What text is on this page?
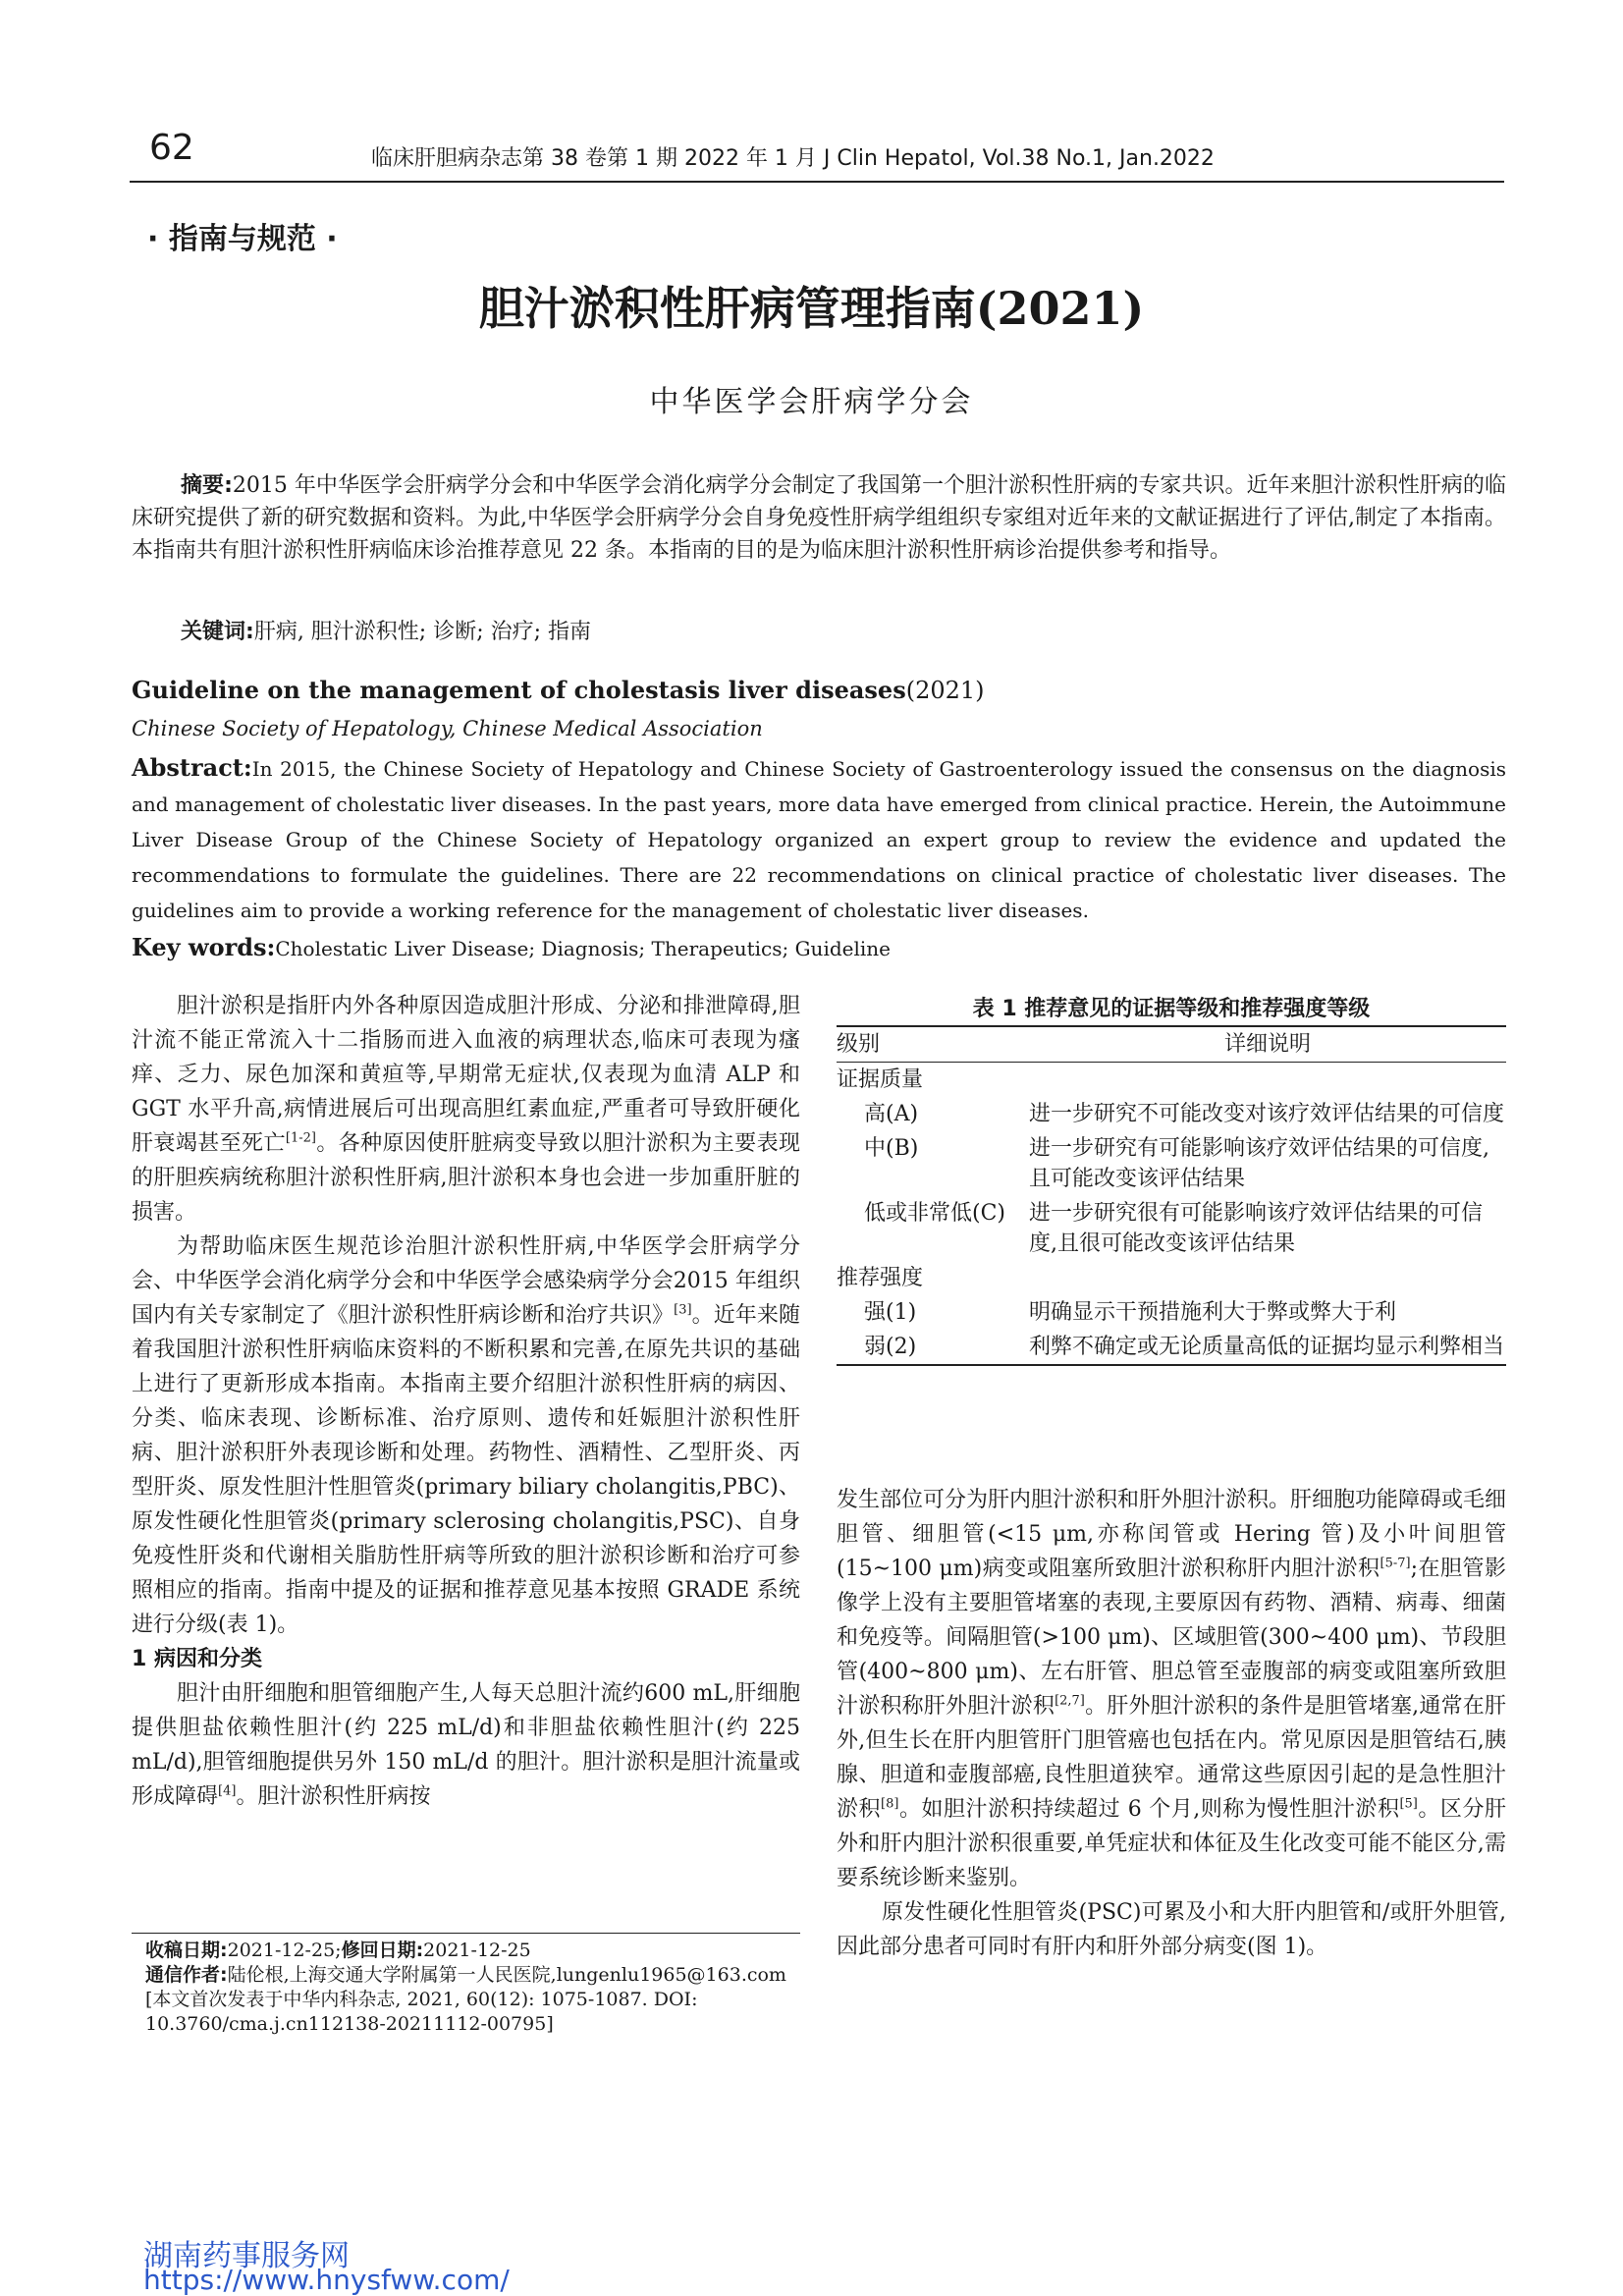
62	临床肝胆病杂志第 38 卷第 1 期 2022 年 1 月 J Clin Hepatol, Vol.38 No.1, Jan.2022
· 指南与规范 ·
胆汁淤积性肝病管理指南(2021)
中华医学会肝病学分会
摘要:2015 年中华医学会肝病学分会和中华医学会消化病学分会制定了我国第一个胆汁淤积性肝病的专家共识。近年来胆汁淤积性肝病的临床研究提供了新的研究数据和资料。为此,中华医学会肝病学分会自身免疫性肝病学组组织专家组对近年来的文献证据进行了评估,制定了本指南。本指南共有胆汁淤积性肝病临床诊治推荐意见 22 条。本指南的目的是为临床胆汁淤积性肝病诊治提供参考和指导。
关键词:肝病, 胆汁淤积性; 诊断; 治疗; 指南
Guideline on the management of cholestasis liver diseases(2021)
Chinese Society of Hepatology, Chinese Medical Association
Abstract:In 2015, the Chinese Society of Hepatology and Chinese Society of Gastroenterology issued the consensus on the diagnosis and management of cholestatic liver diseases. In the past years, more data have emerged from clinical practice. Herein, the Autoimmune Liver Disease Group of the Chinese Society of Hepatology organized an expert group to review the evidence and updated the recommendations to formulate the guidelines. There are 22 recommendations on clinical practice of cholestatic liver diseases. The guidelines aim to provide a working reference for the management of cholestatic liver diseases.
Key words:Cholestatic Liver Disease; Diagnosis; Therapeutics; Guideline

胆汁淤积是指肝内外各种原因造成胆汁形成、分泌和排泄障碍,胆汁流不能正常流入十二指肠而进入血液的病理状态,临床可表现为瘙痒、乏力、尿色加深和黄疸等,早期常无症状,仅表现为血清 ALP 和 GGT 水平升高,病情进展后可出现高胆红素血症,严重者可导致肝硬化肝衰竭甚至死亡[1-2]。各种原因使肝脏病变导致以胆汁淤积为主要表现的肝胆疾病统称胆汁淤积性肝病,胆汁淤积本身也会进一步加重肝脏的损害。

为帮助临床医生规范诊治胆汁淤积性肝病,中华医学会肝病学分会、中华医学会消化病学分会和中华医学会感染病学分会2015 年组织国内有关专家制定了《胆汁淤积性肝病诊断和治疗共识》[3]。近年来随着我国胆汁淤积性肝病临床资料的不断积累和完善,在原先共识的基础上进行了更新形成本指南。本指南主要介绍胆汁淤积性肝病的病因、分类、临床表现、诊断标准、治疗原则、遗传和妊娠胆汁淤积性肝病、胆汁淤积肝外表现诊断和处理。药物性、酒精性、乙型肝炎、丙型肝炎、原发性胆汁性胆管炎(primary biliary cholangitis,PBC)、原发性硬化性胆管炎(primary sclerosing cholangitis,PSC)、自身免疫性肝炎和代谢相关脂肪性肝病等所致的胆汁淤积诊断和治疗可参照相应的指南。指南中提及的证据和推荐意见基本按照 GRADE 系统进行分级(表 1)。

1 病因和分类

胆汁由肝细胞和胆管细胞产生,人每天总胆汁流约600 mL,肝细胞提供胆盐依赖性胆汁(约 225 mL/d)和非胆盐依赖性胆汁(约 225 mL/d),胆管细胞提供另外 150 mL/d 的胆汁。胆汁淤积是胆汁流量或形成障碍[4]。胆汁淤积性肝病按

表 1 推荐意见的证据等级和推荐强度等级
级别	详细说明
证据质量	
高(A)	进一步研究不可能改变对该疗效评估结果的可信度
中(B)	进一步研究有可能影响该疗效评估结果的可信度,且可能改变该评估结果
低或非常低(C)	进一步研究很有可能影响该疗效评估结果的可信度,且很可能改变该评估结果
推荐强度	
强(1)	明确显示干预措施利大于弊或弊大于利
弱(2)	利弊不确定或无论质量高低的证据均显示利弊相当

发生部位可分为肝内胆汁淤积和肝外胆汁淤积。肝细胞功能障碍或毛细胆管、细胆管(<15 μm,亦称闰管或 Hering 管)及小叶间胆管(15~100 μm)病变或阻塞所致胆汁淤积称肝内胆汁淤积[5-7];在胆管影像学上没有主要胆管堵塞的表现,主要原因有药物、酒精、病毒、细菌和免疫等。间隔胆管(>100 μm)、区域胆管(300~400 μm)、节段胆管(400~800 μm)、左右肝管、胆总管至壶腹部的病变或阻塞所致胆汁淤积称肝外胆汁淤积[2,7]。肝外胆汁淤积的条件是胆管堵塞,通常在肝外,但生长在肝内胆管肝门胆管癌也包括在内。常见原因是胆管结石,胰腺、胆道和壶腹部癌,良性胆道狭窄。通常这些原因引起的是急性胆汁淤积[8]。如胆汁淤积持续超过 6 个月,则称为慢性胆汁淤积[5]。区分肝外和肝内胆汁淤积很重要,单凭症状和体征及生化改变可能不能区分,需要系统诊断来鉴别。

原发性硬化性胆管炎(PSC)可累及小和大肝内胆管和/或肝外胆管,因此部分患者可同时有肝内和肝外部分病变(图 1)。

收稿日期:2021-12-25;修回日期:2021-12-25
通信作者:陆伦根,上海交通大学附属第一人民医院,lungenlu1965@163.com
[本文首次发表于中华内科杂志, 2021, 60(12): 1075-1087. DOI: 10.3760/cma.j.cn112138-20211112-00795]
湖南药事服务网
https://www.hnysfww.com/
